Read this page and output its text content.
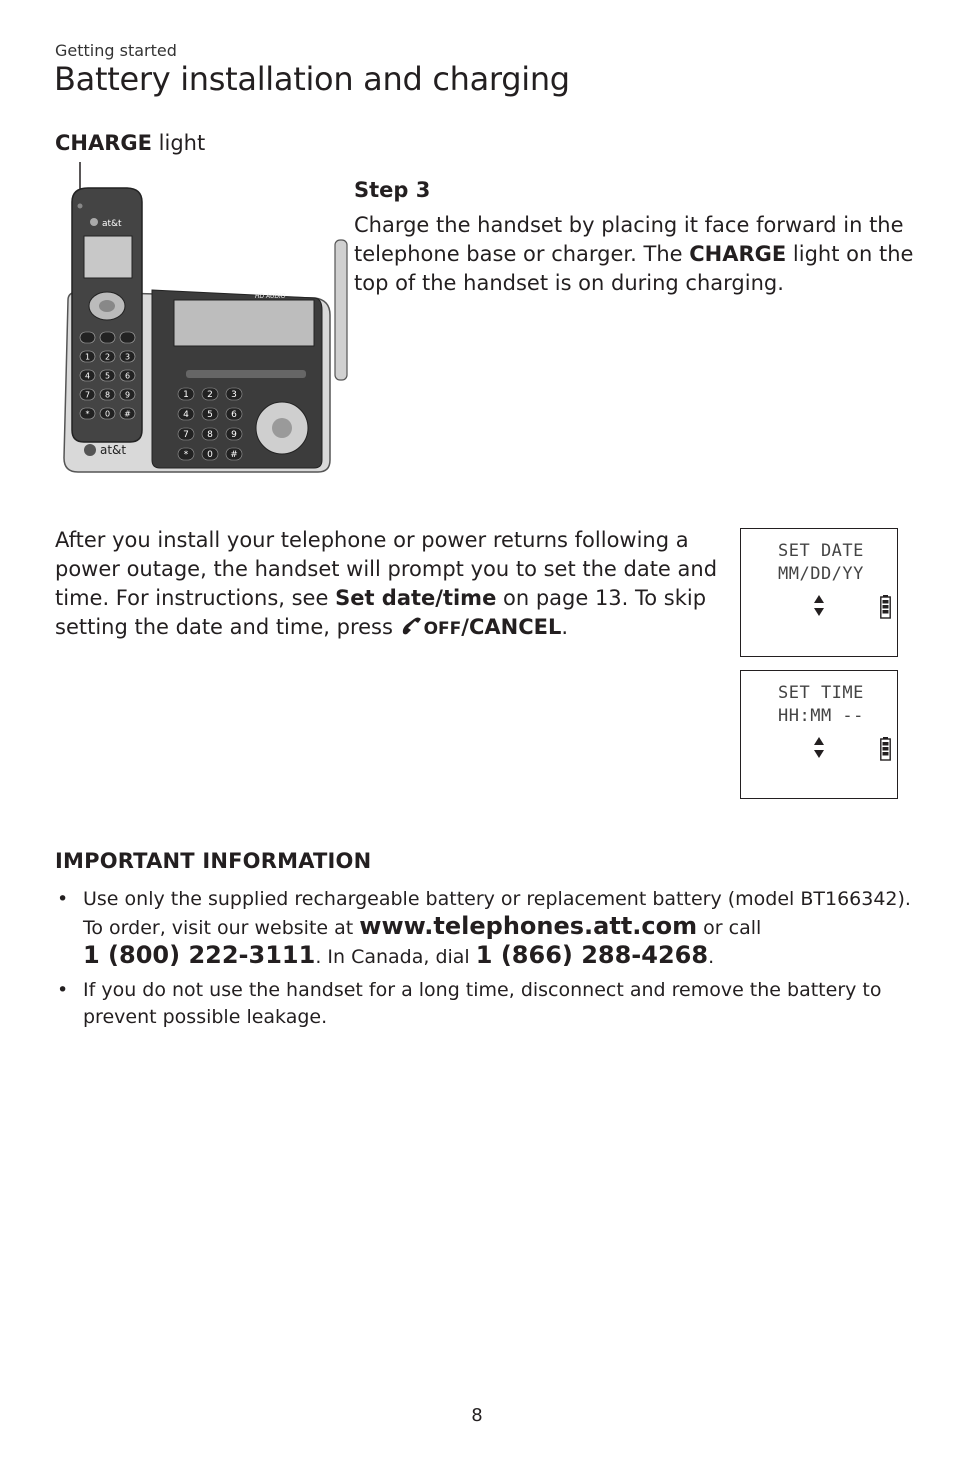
Getting started
Battery installation and charging
CHARGE light
HD AUDIO
1 2 3
4 5 6
7 8 9
* 0 #
at&t
at&t
1 2 3
4 5 6
7 8 9
* 0 #
Step 3
Charge the handset by placing it face forward in the telephone base or charger. The CHARGE light on the top of the handset is on during charging.
After you install your telephone or power returns following a power outage, the handset will prompt you to set the date and time. For instructions, see Set date/time on page 13. To skip setting the date and time, press OFF/CANCEL.
SET DATE
MM/DD/YY
SET TIME
HH:MM --
IMPORTANT INFORMATION
• Use only the supplied rechargeable battery or replacement battery (model BT166342). To order, visit our website at www.telephones.att.com or call
1 (800) 222-3111. In Canada, dial 1 (866) 288-4268.
• If you do not use the handset for a long time, disconnect and remove the battery to prevent possible leakage.
8
